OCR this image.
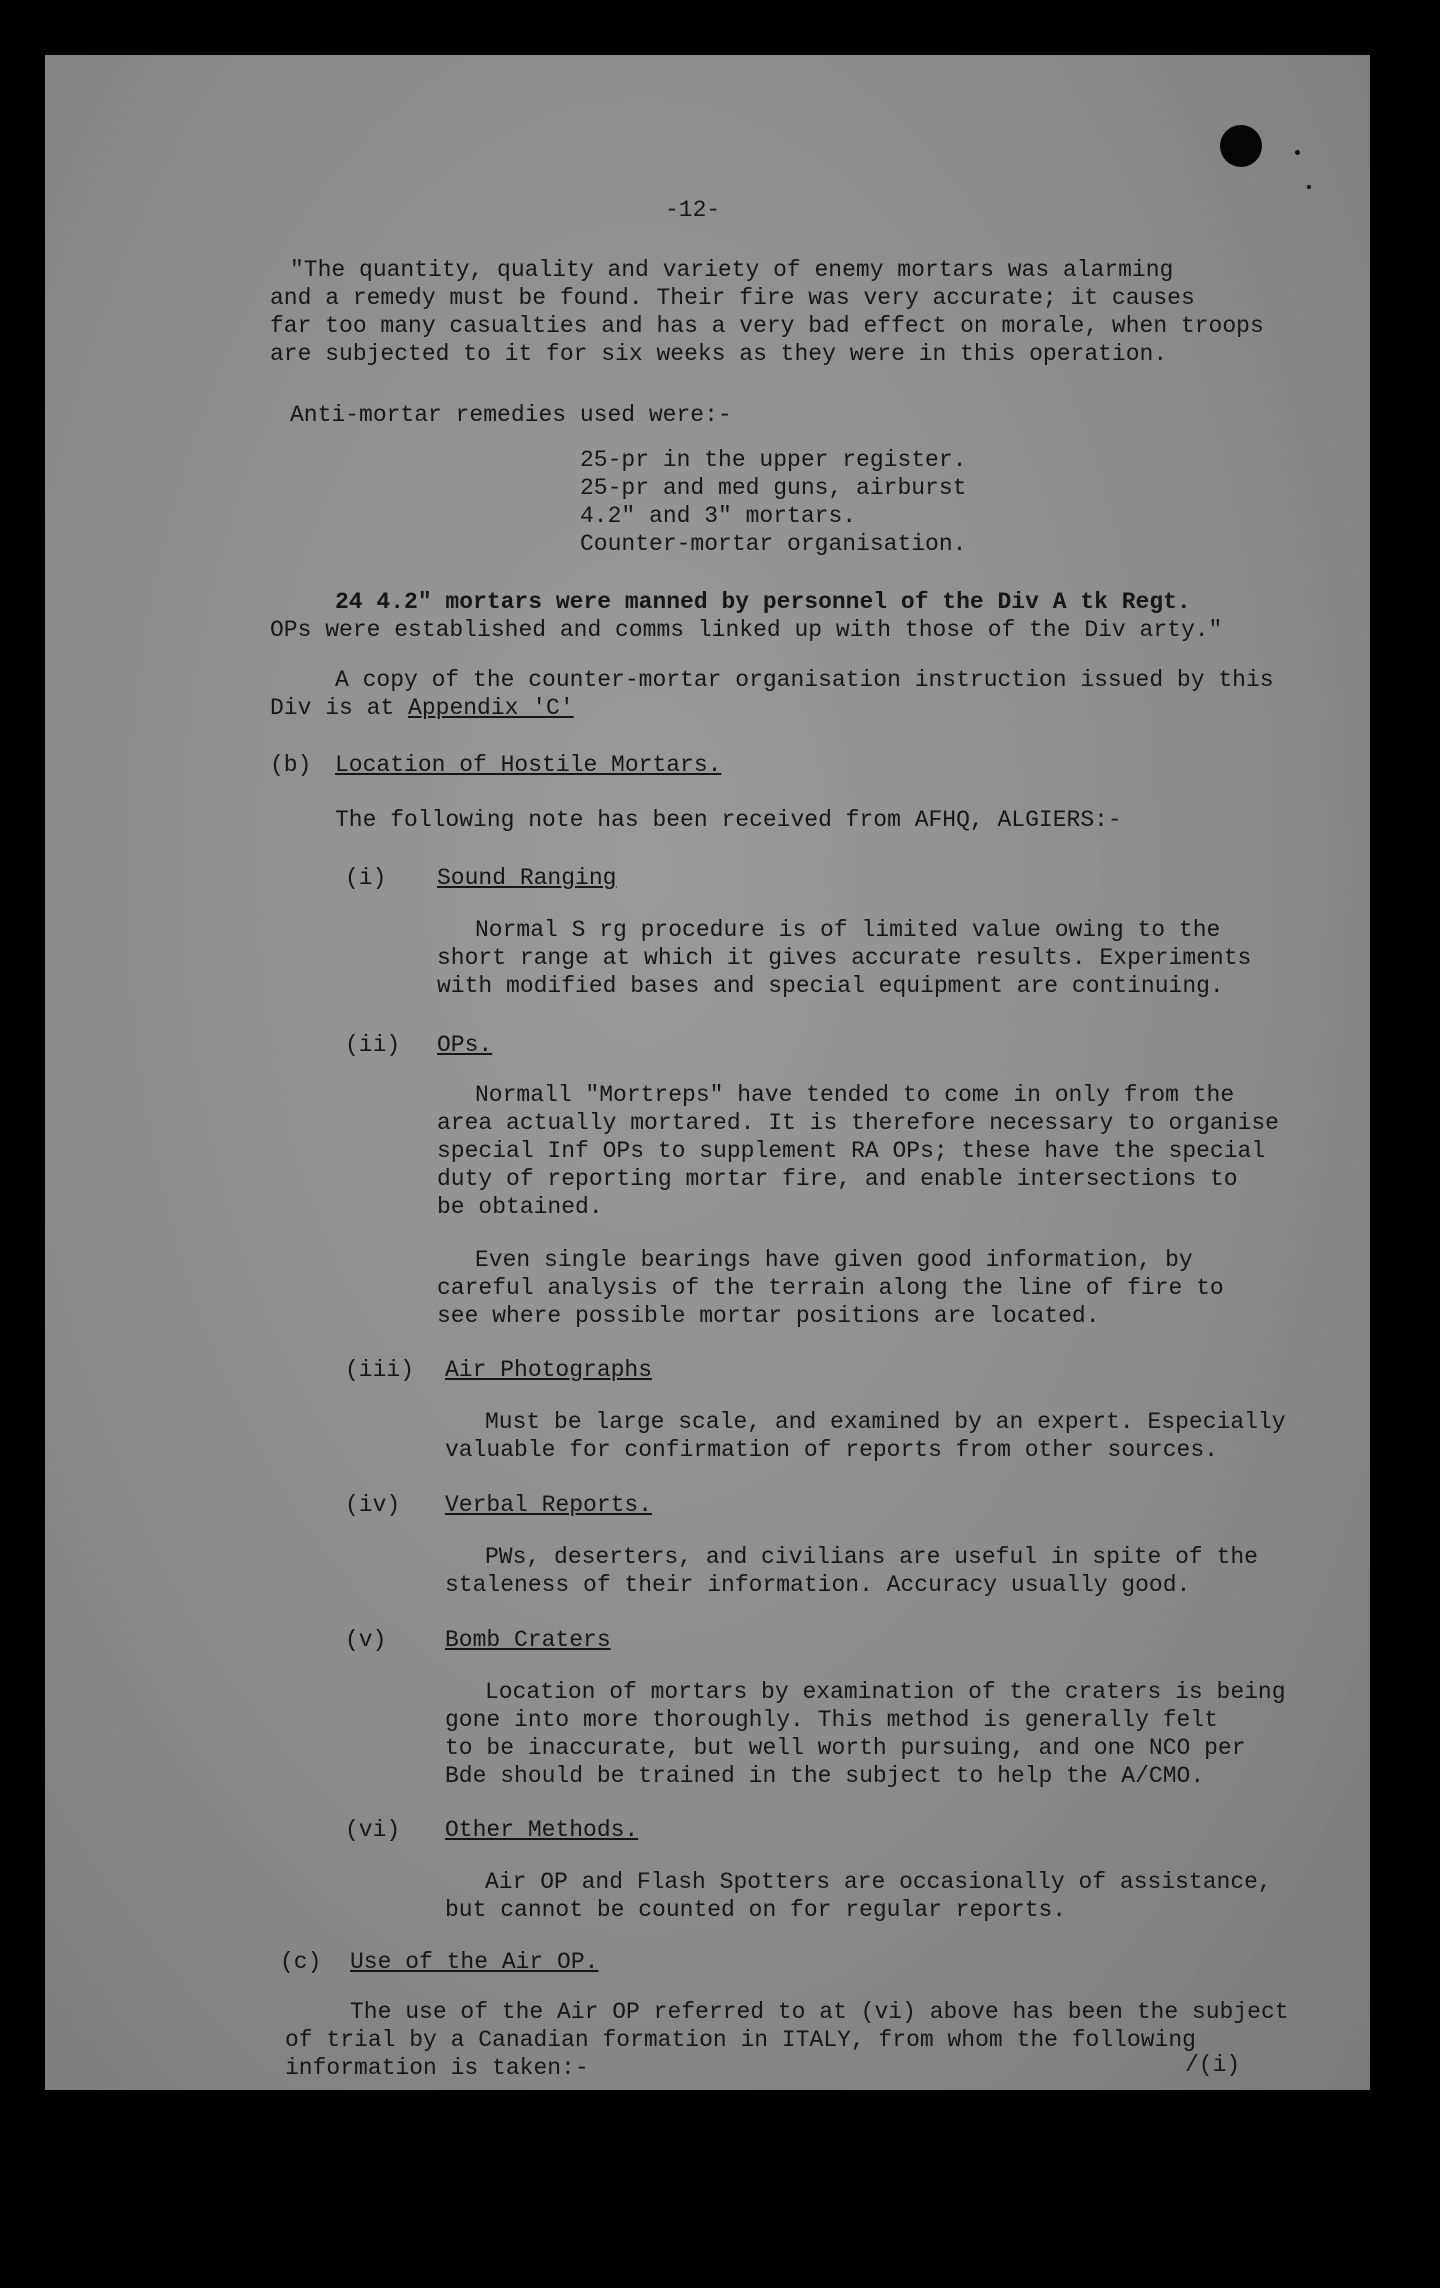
-12-
"The quantity, quality and variety of enemy mortars was alarming
and a remedy must be found. Their fire was very accurate; it causes
far too many casualties and has a very bad effect on morale, when troops
are subjected to it for six weeks as they were in this operation.
Anti-mortar remedies used were:-
25-pr in the upper register.
25-pr and med guns, airburst
4.2" and 3" mortars.
Counter-mortar organisation.
24 4.2" mortars were manned by personnel of the Div A tk Regt.
OPs were established and comms linked up with those of the Div arty."
A copy of the counter-mortar organisation instruction issued by this
Div is at Appendix 'C'
(b) Location of Hostile Mortars.
The following note has been received from AFHQ, ALGIERS:-
(i) Sound Ranging
Normal S rg procedure is of limited value owing to the
short range at which it gives accurate results. Experiments
with modified bases and special equipment are continuing.
(ii) OPs.
Normall "Mortreps" have tended to come in only from the
area actually mortared. It is therefore necessary to organise
special Inf OPs to supplement RA OPs; these have the special
duty of reporting mortar fire, and enable intersections to
be obtained.
Even single bearings have given good information, by
careful analysis of the terrain along the line of fire to
see where possible mortar positions are located.
(iii) Air Photographs
Must be large scale, and examined by an expert. Especially
valuable for confirmation of reports from other sources.
(iv) Verbal Reports.
PWs, deserters, and civilians are useful in spite of the
staleness of their information. Accuracy usually good.
(v)	Bomb Craters
Location of mortars by examination of the craters is being
gone into more thoroughly. This method is generally felt
to be inaccurate, but well worth pursuing, and one NCO per
Bde should be trained in the subject to help the A/CMO.
(vi) Other Methods.
Air OP and Flash Spotters are occasionally of assistance,
but cannot be counted on for regular reports.
(c) Use of the Air OP.
The use of the Air OP referred to at (vi) above has been the subject
of trial by a Canadian formation in ITALY, from whom the following
information is taken:-	/(i)
